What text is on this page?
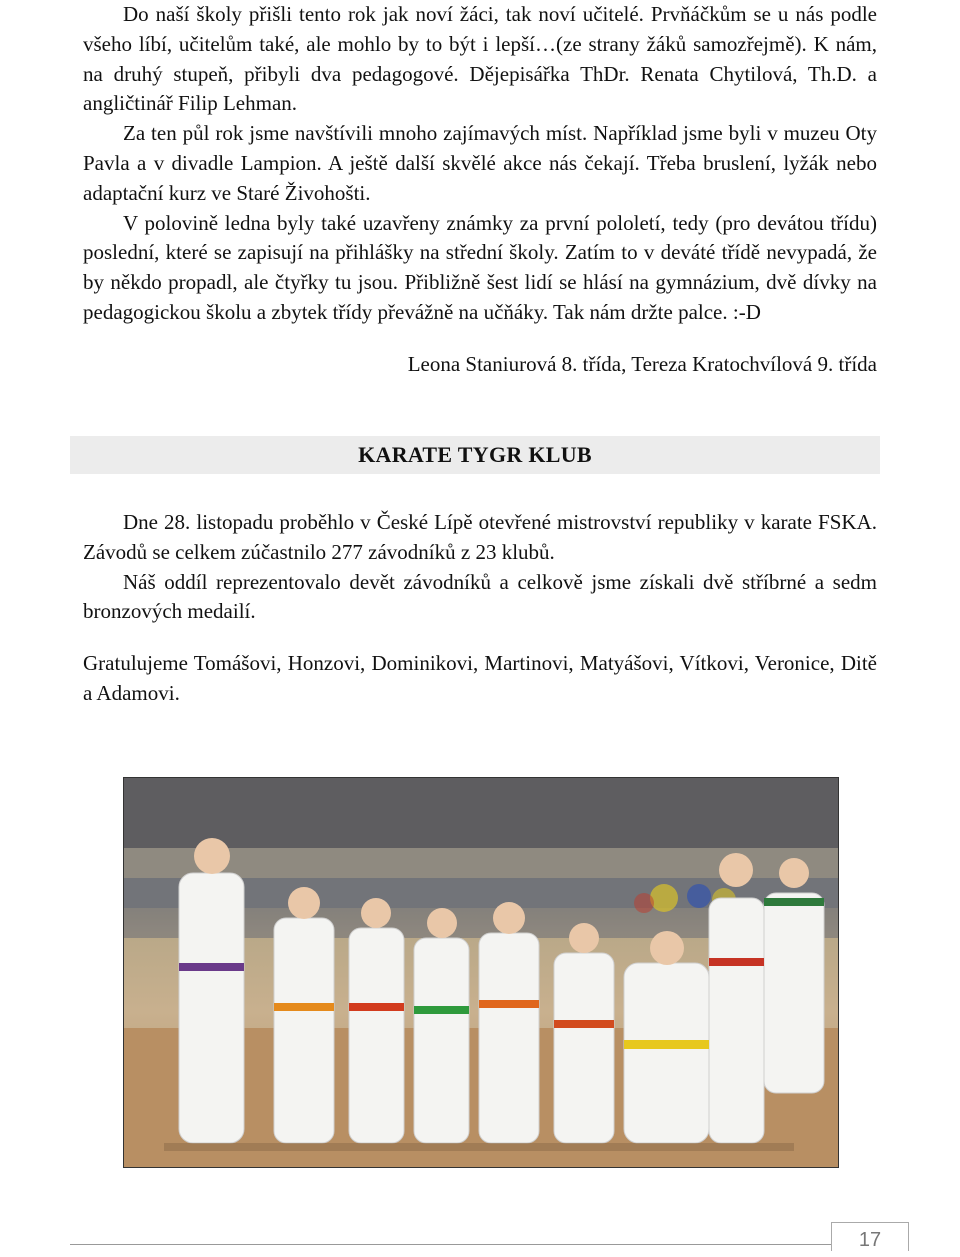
Do naší školy přišli tento rok jak noví žáci, tak noví učitelé. Prvňáčkům se u nás podle všeho líbí, učitelům také, ale mohlo by to být i lepší…(ze strany žáků samozřejmě). K nám, na druhý stupeň, přibyli dva pedagogové. Dějepisářka ThDr. Renata Chytilová, Th.D. a angličtinář Filip Lehman.

Za ten půl rok jsme navštívili mnoho zajímavých míst. Například jsme byli v muzeu Oty Pavla a v divadle Lampion. A ještě další skvělé akce nás čekají. Třeba bruslení, lyžák nebo adaptační kurz ve Staré Živohošti.

V polovině ledna byly také uzavřeny známky za první pololetí, tedy (pro devátou třídu) poslední, které se zapisují na přihlášky na střední školy. Zatím to v deváté třídě nevypadá, že by někdo propadl, ale čtyřky tu jsou. Přibližně šest lidí se hlásí na gymnázium, dvě dívky na pedagogickou školu a zbytek třídy převážně na učňáky. Tak nám držte palce. :-D

Leona Staniurová 8. třída, Tereza Kratochvílová 9. třída

KARATE TYGR KLUB

Dne 28. listopadu proběhlo v České Lípě otevřené mistrovství republiky v karate FSKA. Závodů se celkem zúčastnilo 277 závodníků z 23 klubů.

Náš oddíl reprezentovalo devět závodníků a celkově jsme získali dvě stříbrné a sedm bronzových medailí.

Gratulujeme Tomášovi, Honzovi, Dominikovi, Martinovi, Matyášovi, Vítkovi, Veronice, Ditě a Adamovi.

17
